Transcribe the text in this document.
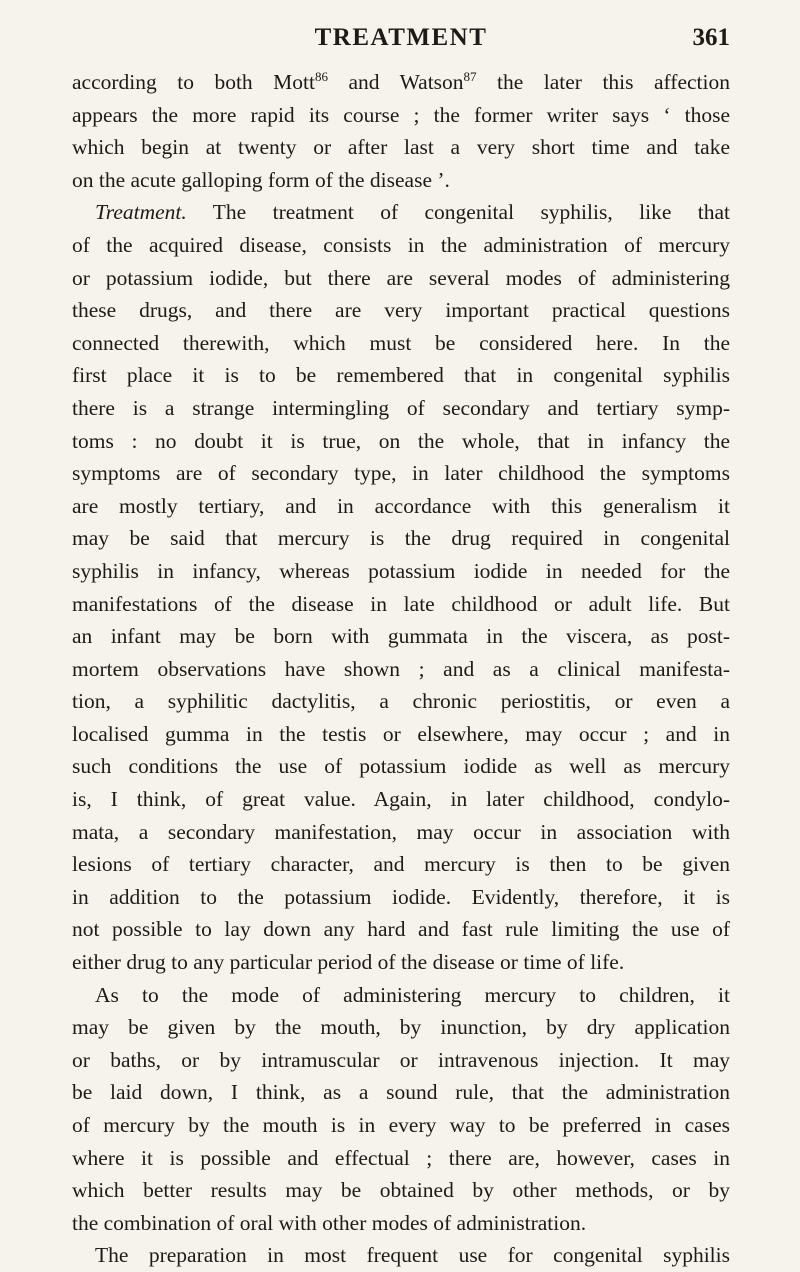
TREATMENT	361
according to both Mott$^{86}$ and Watson$^{87}$ the later this affection
appears the more rapid its course ; the former writer says ‘ those
which begin at twenty or after last a very short time and take
on the acute galloping form of the disease ’.
Treatment. The treatment of congenital syphilis, like that
of the acquired disease, consists in the administration of mercury
or potassium iodide, but there are several modes of administering
these drugs, and there are very important practical questions
connected therewith, which must be considered here. In the
first place it is to be remembered that in congenital syphilis
there is a strange intermingling of secondary and tertiary symp-
toms : no doubt it is true, on the whole, that in infancy the
symptoms are of secondary type, in later childhood the symptoms
are mostly tertiary, and in accordance with this generalism it
may be said that mercury is the drug required in congenital
syphilis in infancy, whereas potassium iodide in needed for the
manifestations of the disease in late childhood or adult life. But
an infant may be born with gummata in the viscera, as post-
mortem observations have shown ; and as a clinical manifesta-
tion, a syphilitic dactylitis, a chronic periostitis, or even a
localised gumma in the testis or elsewhere, may occur ; and in
such conditions the use of potassium iodide as well as mercury
is, I think, of great value. Again, in later childhood, condylo-
mata, a secondary manifestation, may occur in association with
lesions of tertiary character, and mercury is then to be given
in addition to the potassium iodide. Evidently, therefore, it is
not possible to lay down any hard and fast rule limiting the use of
either drug to any particular period of the disease or time of life.
As to the mode of administering mercury to children, it
may be given by the mouth, by inunction, by dry application
or baths, or by intramuscular or intravenous injection. It may
be laid down, I think, as a sound rule, that the administration
of mercury by the mouth is in every way to be preferred in cases
where it is possible and effectual ; there are, however, cases in
which better results may be obtained by other methods, or by
the combination of oral with other modes of administration.
The preparation in most frequent use for congenital syphilis
